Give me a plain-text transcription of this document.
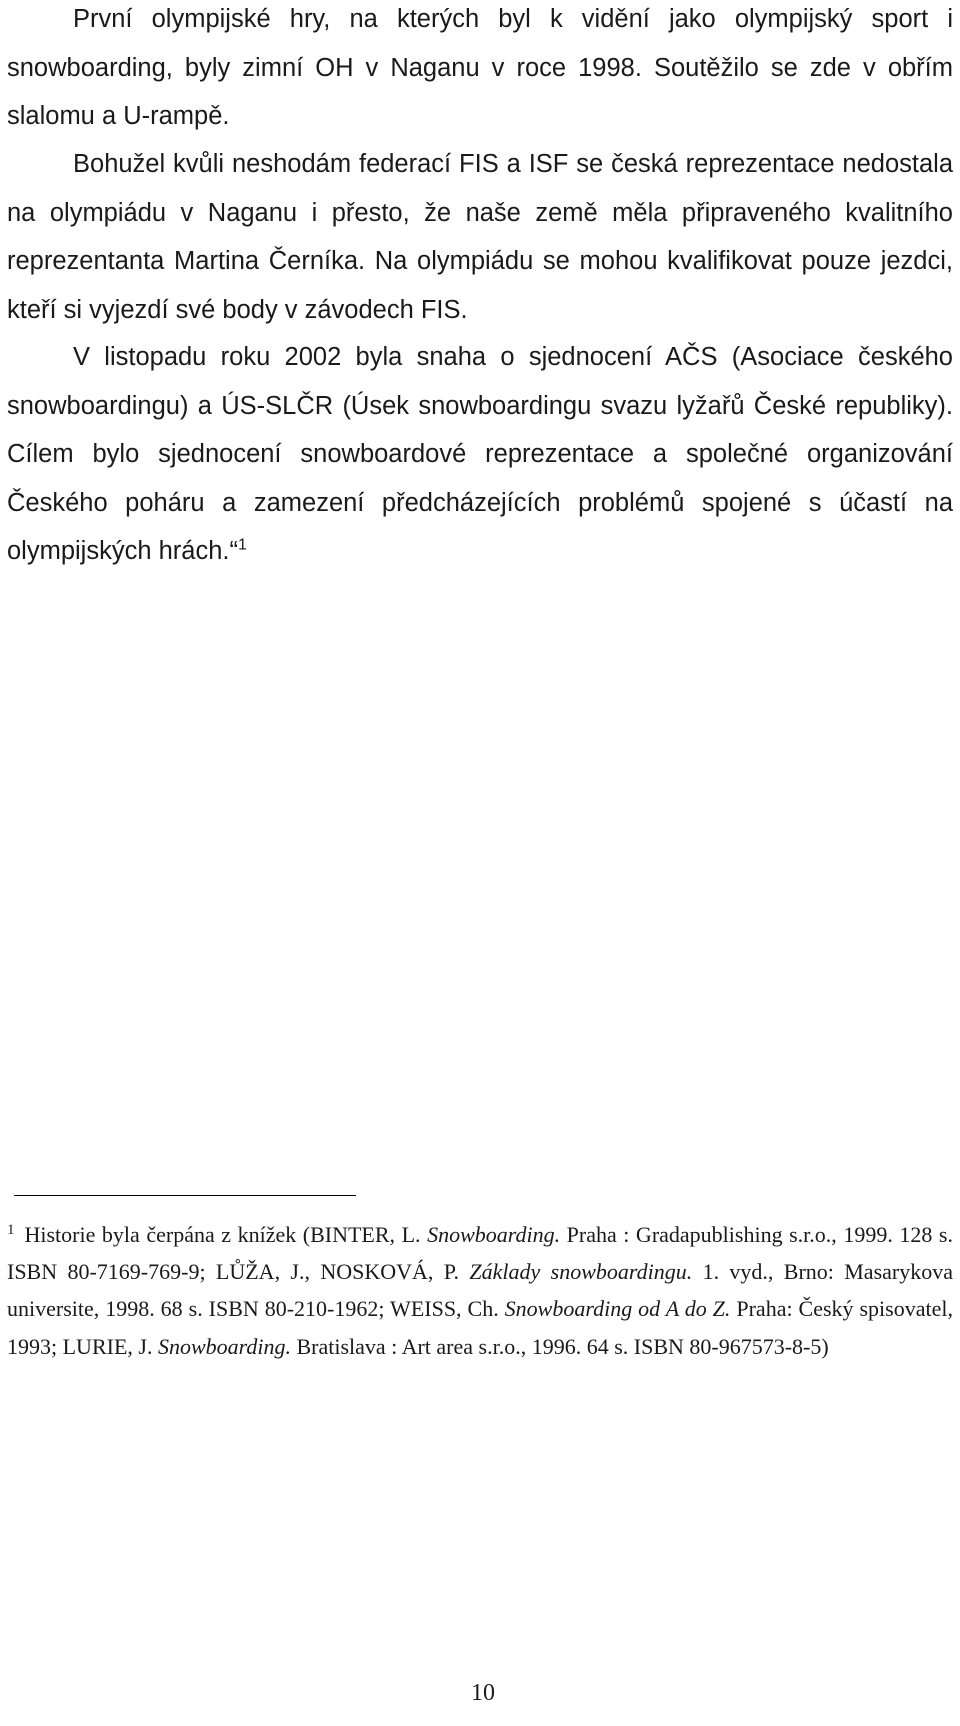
První olympijské hry, na kterých byl k vidění jako olympijský sport i snowboarding, byly zimní OH v Naganu v roce 1998. Soutěžilo se zde v obřím slalomu a U-rampě.

Bohužel kvůli neshodám federací FIS a ISF se česká reprezentace nedostala na olympiádu v Naganu i přesto, že naše země měla připraveného kvalitního reprezentanta Martina Černíka. Na olympiádu se mohou kvalifikovat pouze jezdci, kteří si vyjezdí své body v závodech FIS.

V listopadu roku 2002 byla snaha o sjednocení AČS (Asociace českého snowboardingu) a ÚS-SLČR (Úsek snowboardingu svazu lyžařů České republiky). Cílem bylo sjednocení snowboardové reprezentace a společné organizování Českého poháru a zamezení předcházejících problémů spojené s účastí na olympijských hrách.“$^1$

$^1$ Historie byla čerpána z knížek (BINTER, L. Snowboarding. Praha : Gradapublishing s.r.o., 1999. 128 s. ISBN 80-7169-769-9; LŮŽA, J., NOSKOVÁ, P. Základy snowboardingu. 1. vyd., Brno: Masarykova universite, 1998. 68 s. ISBN 80-210-1962; WEISS, Ch. Snowboarding od A do Z. Praha: Český spisovatel, 1993; LURIE, J. Snowboarding. Bratislava : Art area s.r.o., 1996. 64 s. ISBN 80-967573-8-5)

10
